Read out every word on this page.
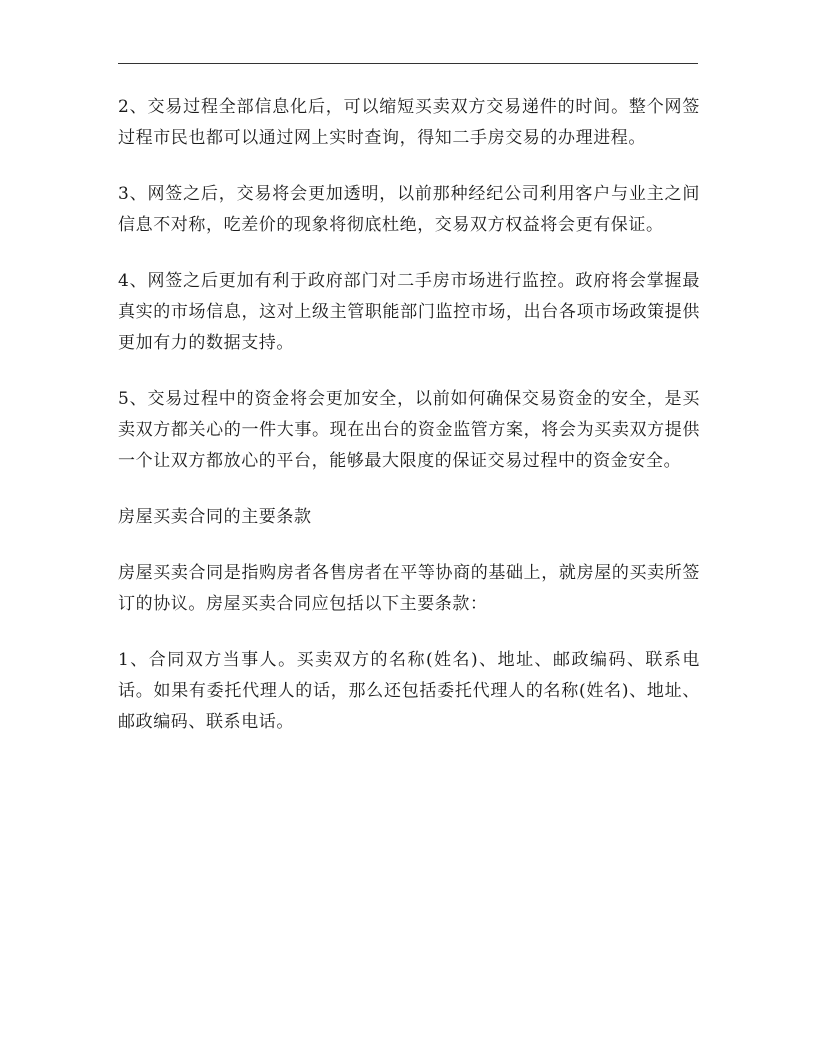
2、交易过程全部信息化后，可以缩短买卖双方交易递件的时间。整个网签过程市民也都可以通过网上实时查询，得知二手房交易的办理进程。

3、网签之后，交易将会更加透明，以前那种经纪公司利用客户与业主之间信息不对称，吃差价的现象将彻底杜绝，交易双方权益将会更有保证。

4、网签之后更加有利于政府部门对二手房市场进行监控。政府将会掌握最真实的市场信息，这对上级主管职能部门监控市场，出台各项市场政策提供更加有力的数据支持。

5、交易过程中的资金将会更加安全，以前如何确保交易资金的安全，是买卖双方都关心的一件大事。现在出台的资金监管方案，将会为买卖双方提供一个让双方都放心的平台，能够最大限度的保证交易过程中的资金安全。

房屋买卖合同的主要条款

房屋买卖合同是指购房者各售房者在平等协商的基础上，就房屋的买卖所签订的协议。房屋买卖合同应包括以下主要条款：

1、合同双方当事人。买卖双方的名称(姓名)、地址、邮政编码、联系电话。如果有委托代理人的话，那么还包括委托代理人的名称(姓名)、地址、邮政编码、联系电话。
